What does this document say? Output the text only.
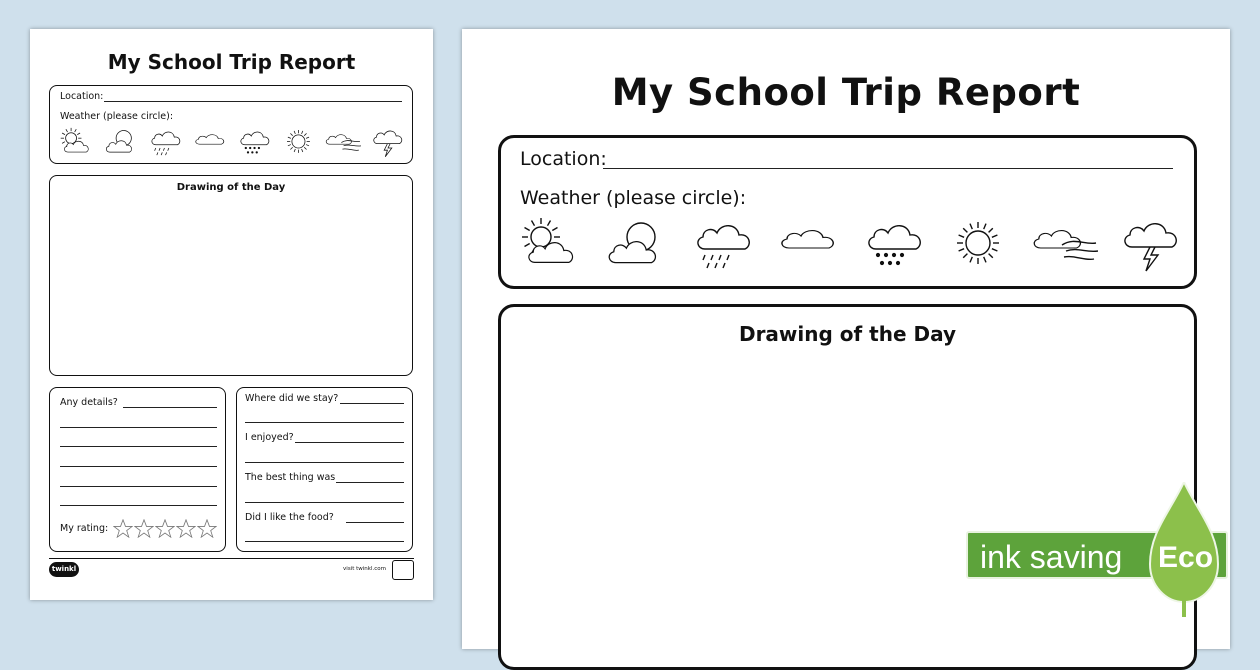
My School Trip Report
Location:
Weather (please circle):
Drawing of the Day
Any details?
My rating:
Where did we stay?
I enjoyed?
The best thing was
Did I like the food?
twinkl	visit twinkl.com
My School Trip Report
Location:
Weather (please circle):
Drawing of the Day
ink saving Eco
